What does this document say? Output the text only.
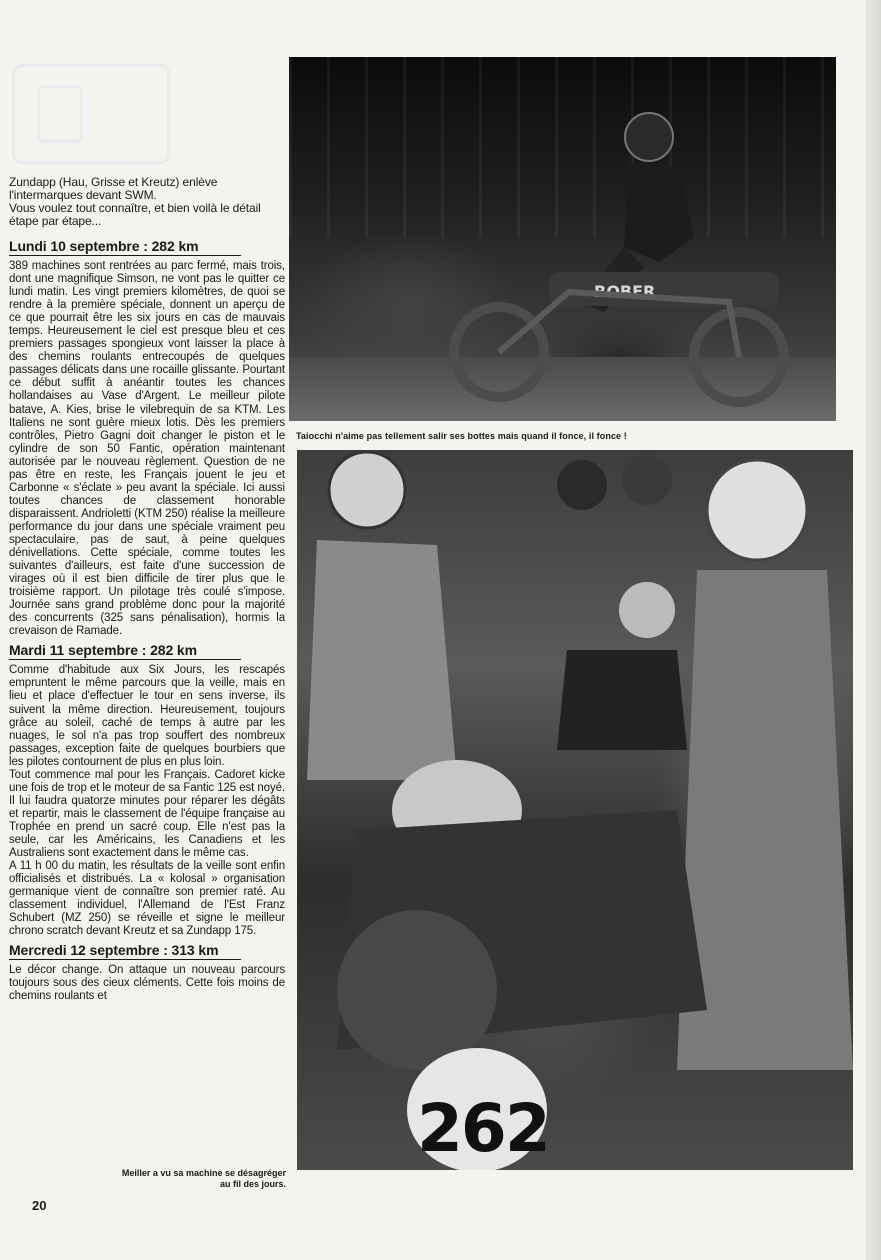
Zundapp (Hau, Grisse et Kreutz) enlève l'intermarques devant SWM.

Vous voulez tout connaître, et bien voilà le détail étape par étape...

Lundi 10 septembre : 282 km

389 machines sont rentrées au parc fermé, mais trois, dont une magnifique Simson, ne vont pas le quitter ce lundi matin. Les vingt premiers kilomètres, de quoi se rendre à la première spéciale, donnent un aperçu de ce que pourrait être les six jours en cas de mauvais temps. Heureusement le ciel est presque bleu et ces premiers passages spongieux vont laisser la place à des chemins roulants entrecoupés de quelques passages délicats dans une rocaille glissante. Pourtant ce début suffit à anéantir toutes les chances hollandaises au Vase d'Argent. Le meilleur pilote batave, A. Kies, brise le vilebrequin de sa KTM. Les Italiens ne sont guère mieux lotis. Dès les premiers contrôles, Pietro Gagni doit changer le piston et le cylindre de son 50 Fantic, opération maintenant autorisée par le nouveau règlement. Question de ne pas être en reste, les Français jouent le jeu et Carbonne « s'éclate » peu avant la spéciale. Ici aussi toutes chances de classement honorable disparaissent. Andrioletti (KTM 250) réalise la meilleure performance du jour dans une spéciale vraiment peu spectaculaire, pas de saut, à peine quelques dénivellations. Cette spéciale, comme toutes les suivantes d'ailleurs, est faite d'une succession de virages où il est bien difficile de tirer plus que le troisième rapport. Un pilotage très coulé s'impose. Journée sans grand problème donc pour la majorité des concurrents (325 sans pénalisation), hormis la crevaison de Ramade.

Mardi 11 septembre : 282 km

Comme d'habitude aux Six Jours, les rescapés empruntent le même parcours que la veille, mais en lieu et place d'effectuer le tour en sens inverse, ils suivent la même direction. Heureusement, toujours grâce au soleil, caché de temps à autre par les nuages, le sol n'a pas trop souffert des nombreux passages, exception faite de quelques bourbiers que les pilotes contournent de plus en plus loin.

Tout commence mal pour les Français. Cadoret kicke une fois de trop et le moteur de sa Fantic 125 est noyé. Il lui faudra quatorze minutes pour réparer les dégâts et repartir, mais le classement de l'équipe française au Trophée en prend un sacré coup. Elle n'est pas la seule, car les Américains, les Canadiens et les Australiens sont exactement dans le même cas.

A 11 h 00 du matin, les résultats de la veille sont enfin officialisés et distribués. La « kolosal » organisation germanique vient de connaître son premier raté. Au classement individuel, l'Allemand de l'Est Franz Schubert (MZ 250) se réveille et signe le meilleur chrono scratch devant Kreutz et sa Zundapp 175.

Mercredi 12 septembre : 313 km

Le décor change. On attaque un nouveau parcours toujours sous des cieux cléments. Cette fois moins de chemins roulants et

ROBER
Taiocchi n'aime pas tellement salir ses bottes mais quand il fonce, il fonce !
262
Meiller a vu sa machine se désagréger
au fil des jours.
20
